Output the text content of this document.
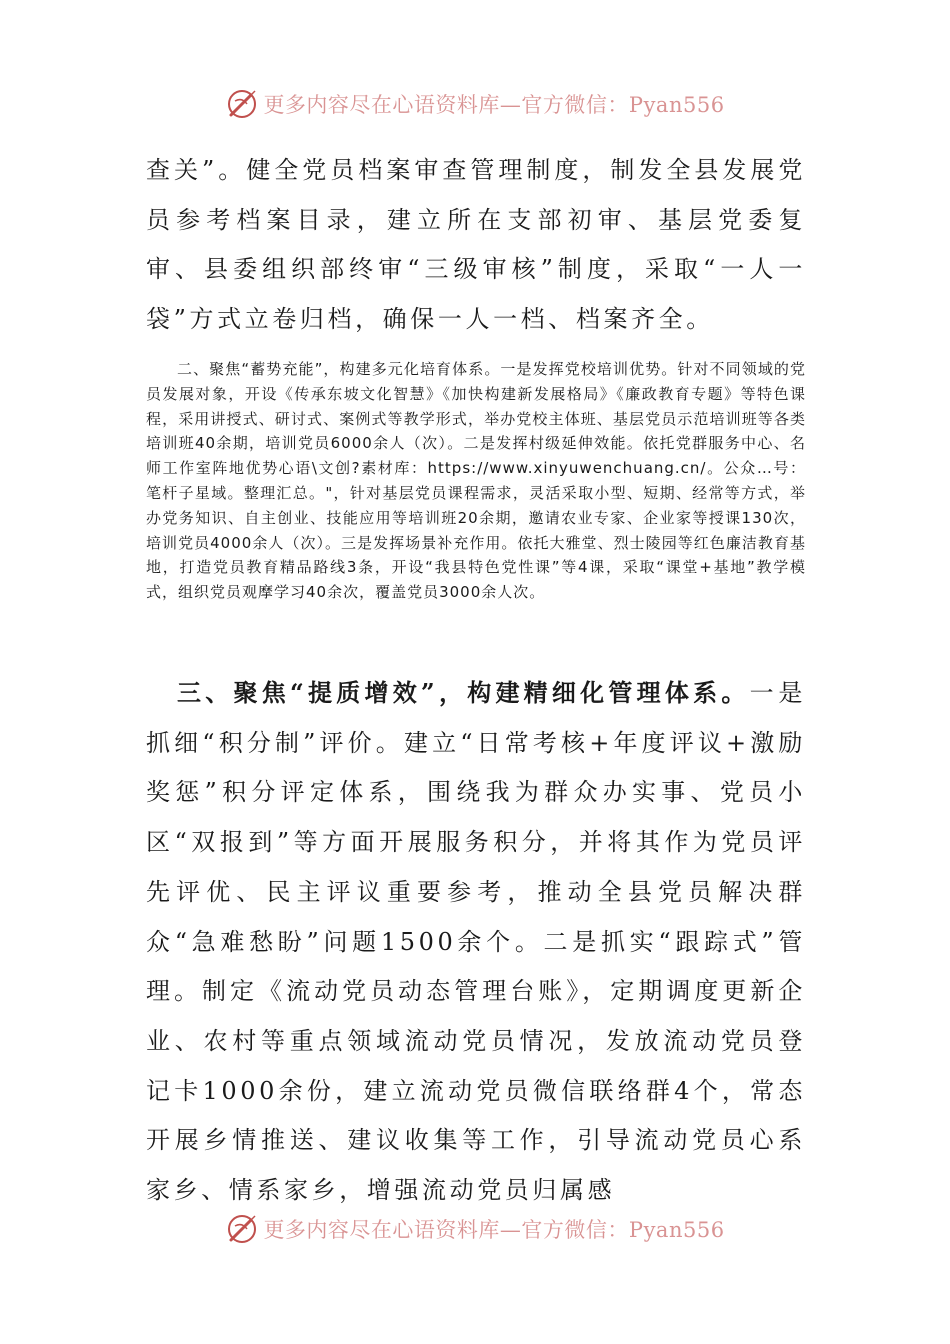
更多内容尽在心语资料库—官方微信：Pyan556

查关”。健全党员档案审查管理制度，制发全县发展党员参考档案目录，建立所在支部初审、基层党委复审、县委组织部终审“三级审核”制度，采取“一人一袋”方式立卷归档，确保一人一档、档案齐全。

二、聚焦“蓄势充能”，构建多元化培育体系。一是发挥党校培训优势。针对不同领域的党员发展对象，开设《传承东坡文化智慧》《加快构建新发展格局》《廉政教育专题》等特色课程，采用讲授式、研讨式、案例式等教学形式，举办党校主体班、基层党员示范培训班等各类培训班40余期，培训党员6000余人（次）。二是发挥村级延伸效能。依托党群服务中心、名师工作室阵地优势心语\文创?素材库：https://www.xinyuwenchuang.cn/。公众…号：笔杆子星域。整理汇总。"，针对基层党员课程需求，灵活采取小型、短期、经常等方式，举办党务知识、自主创业、技能应用等培训班20余期，邀请农业专家、企业家等授课130次，培训党员4000余人（次）。三是发挥场景补充作用。依托大雅堂、烈士陵园等红色廉洁教育基地，打造党员教育精品路线3条，开设“我县特色党性课”等4课，采取“课堂+基地”教学模式，组织党员观摩学习40余次，覆盖党员3000余人次。

三、聚焦“提质增效”，构建精细化管理体系。一是抓细“积分制”评价。建立“日常考核+年度评议+激励奖惩”积分评定体系，围绕我为群众办实事、党员小区“双报到”等方面开展服务积分，并将其作为党员评先评优、民主评议重要参考，推动全县党员解决群众“急难愁盼”问题1500余个。二是抓实“跟踪式”管理。制定《流动党员动态管理台账》，定期调度更新企业、农村等重点领域流动党员情况，发放流动党员登记卡1000余份，建立流动党员微信联络群4个，常态开展乡情推送、建议收集等工作，引导流动党员心系家乡、情系家乡，增强流动党员归属感

更多内容尽在心语资料库—官方微信：Pyan556
